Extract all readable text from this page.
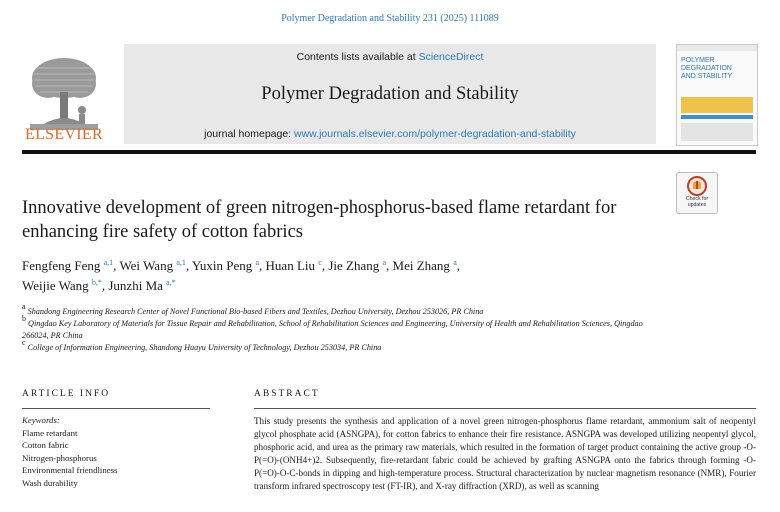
Polymer Degradation and Stability 231 (2025) 111089
ELSEVIER
Contents lists available at ScienceDirect
Polymer Degradation and Stability
journal homepage: www.journals.elsevier.com/polymer-degradation-and-stability
POLYMER DEGRADATION AND STABILITY
Check for updates
Innovative development of green nitrogen-phosphorus-based flame retardant for enhancing fire safety of cotton fabrics
Fengfeng Feng $^{a,1}$, Wei Wang $^{a,1}$, Yuxin Peng $^a$, Huan Liu $^c$, Jie Zhang $^a$, Mei Zhang $^a$,
Weijie Wang $^{b,*}$, Junzhi Ma $^{a,*}$
$^a$ Shandong Engineering Research Center of Novel Functional Bio-based Fibers and Textiles, Dezhou University, Dezhou 253026, PR China
$^b$ Qingdao Key Laboratory of Materials for Tissue Repair and Rehabilitation, School of Rehabilitation Sciences and Engineering, University of Health and Rehabilitation Sciences, Qingdao 266024, PR China
$^c$ College of Information Engineering, Shandong Huayu University of Technology, Dezhou 253034, PR China
ARTICLE INFO
Keywords:
Flame retardant
Cotton fabric
Nitrogen-phosphorus
Environmental friendliness
Wash durability
ABSTRACT
This study presents the synthesis and application of a novel green nitrogen-phosphorus flame retardant, ammonium salt of neopentyl glycol phosphate acid (ASNGPA), for cotton fabrics to enhance their fire resistance. ASNGPA was developed utilizing neopentyl glycol, phosphoric acid, and urea as the primary raw materials, which resulted in the formation of target product containing the active group -O-P(=O)-(ONH4+)2. Subsequently, fire-retardant fabric could be achieved by grafting ASNGPA onto the fabrics through forming -O-P(=O)-O-C-bonds in dipping and high-temperature process. Structural characterization by nuclear magnetism resonance (NMR), Fourier transform infrared spectroscopy test (FT-IR), and X-ray diffraction (XRD), as well as scanning
